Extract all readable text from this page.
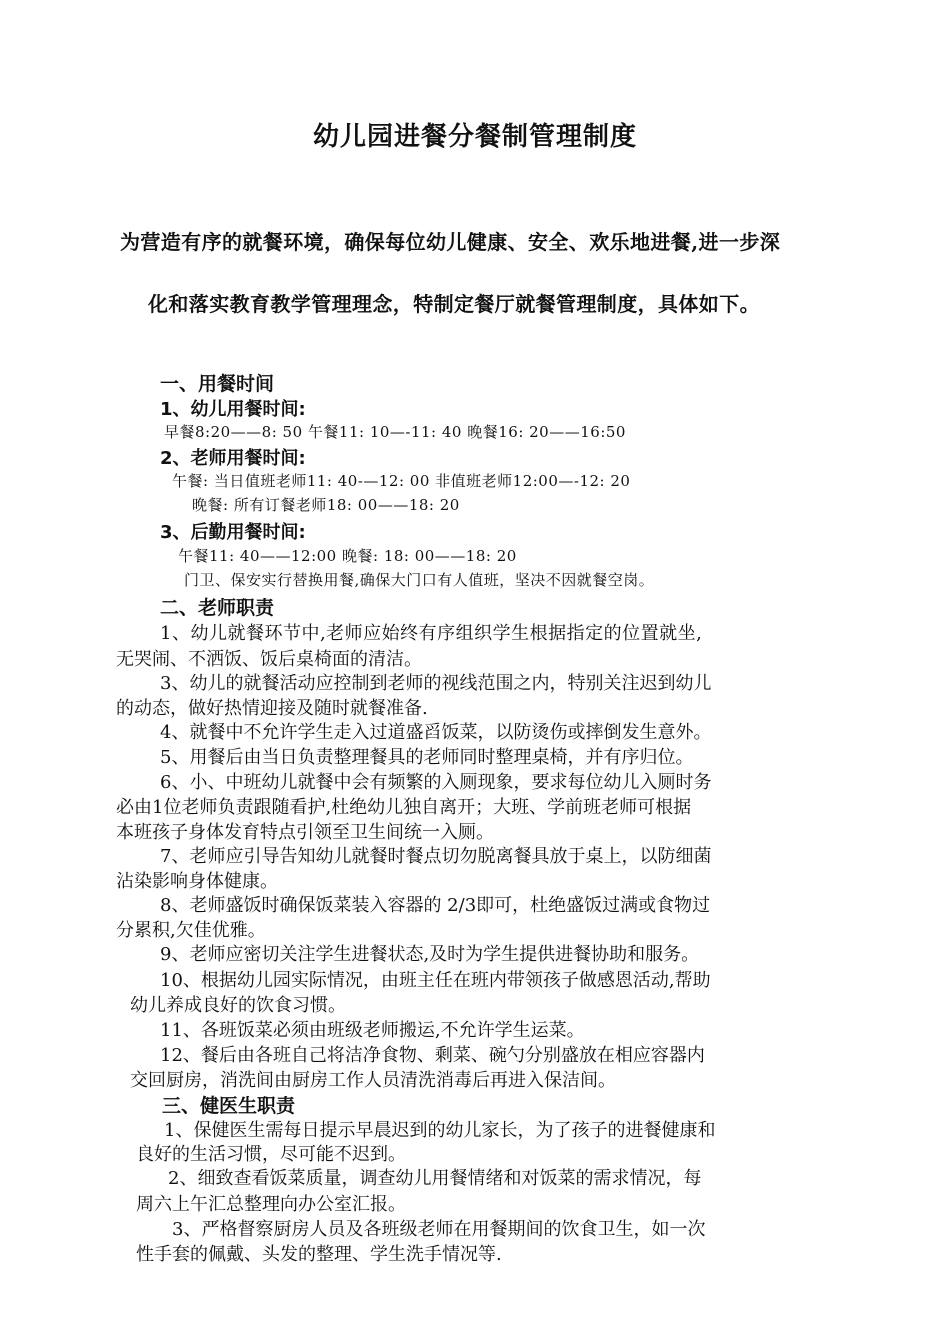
幼儿园进餐分餐制管理制度
为营造有序的就餐环境，确保每位幼儿健康、安全、欢乐地进餐,进一步深
化和落实教育教学管理理念，特制定餐厅就餐管理制度，具体如下。
一、用餐时间
1、幼儿用餐时间:
早餐8:20——8: 50 午餐11: 10—-11: 40 晚餐16: 20——16:50
2、老师用餐时间:
午餐: 当日值班老师11: 40-—12: 00 非值班老师12:00—-12: 20
晚餐: 所有订餐老师18: 00——18: 20
3、后勤用餐时间:
午餐11: 40——12:00 晚餐: 18: 00——18: 20
门卫、保安实行替换用餐,确保大门口有人值班，坚决不因就餐空岗。
二、老师职责
1、幼儿就餐环节中,老师应始终有序组织学生根据指定的位置就坐,
无哭闹、不洒饭、饭后桌椅面的清洁。
3、幼儿的就餐活动应控制到老师的视线范围之内，特别关注迟到幼儿
的动态，做好热情迎接及随时就餐准备.
4、就餐中不允许学生走入过道盛舀饭菜，以防烫伤或摔倒发生意外。
5、用餐后由当日负责整理餐具的老师同时整理桌椅，并有序归位。
6、小、中班幼儿就餐中会有频繁的入厕现象，要求每位幼儿入厕时务
必由1位老师负责跟随看护,杜绝幼儿独自离开；大班、学前班老师可根据
本班孩子身体发育特点引领至卫生间统一入厕。
7、老师应引导告知幼儿就餐时餐点切勿脱离餐具放于桌上，以防细菌
沾染影响身体健康。
8、老师盛饭时确保饭菜装入容器的 2/3即可，杜绝盛饭过满或食物过
分累积,欠佳优雅。
9、老师应密切关注学生进餐状态,及时为学生提供进餐协助和服务。
10、根据幼儿园实际情况，由班主任在班内带领孩子做感恩活动,帮助
幼儿养成良好的饮食习惯。
11、各班饭菜必须由班级老师搬运,不允许学生运菜。
12、餐后由各班自己将洁净食物、剩菜、碗勺分别盛放在相应容器内
交回厨房，消洗间由厨房工作人员清洗消毒后再进入保洁间。
三、健医生职责
1、保健医生需每日提示早晨迟到的幼儿家长，为了孩子的进餐健康和
良好的生活习惯，尽可能不迟到。
2、细致查看饭菜质量，调查幼儿用餐情绪和对饭菜的需求情况，每
周六上午汇总整理向办公室汇报。
3、严格督察厨房人员及各班级老师在用餐期间的饮食卫生，如一次
性手套的佩戴、头发的整理、学生洗手情况等.
